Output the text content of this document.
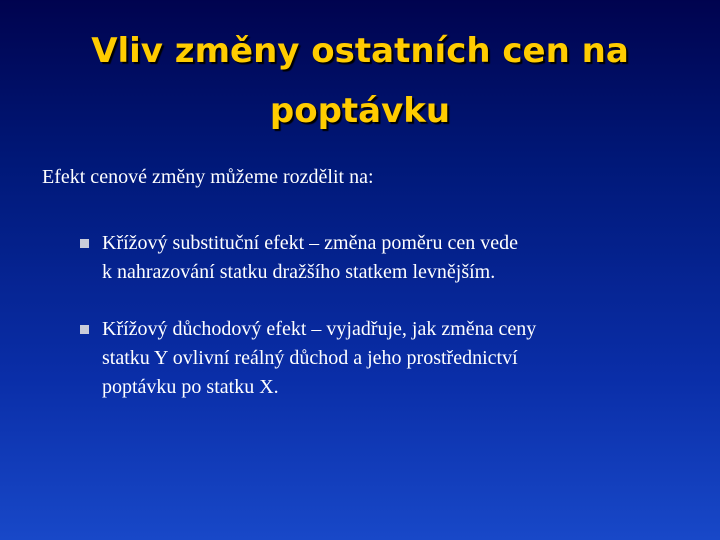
Vliv změny ostatních cen na
poptávku

Efekt cenové změny můžeme rozdělit na:

Křížový substituční efekt – změna poměru cen vede
k nahrazování statku dražšího statkem levnějším.
Křížový důchodový efekt – vyjadřuje, jak změna ceny
statku Y ovlivní reálný důchod a jeho prostřednictví
poptávku po statku X.
